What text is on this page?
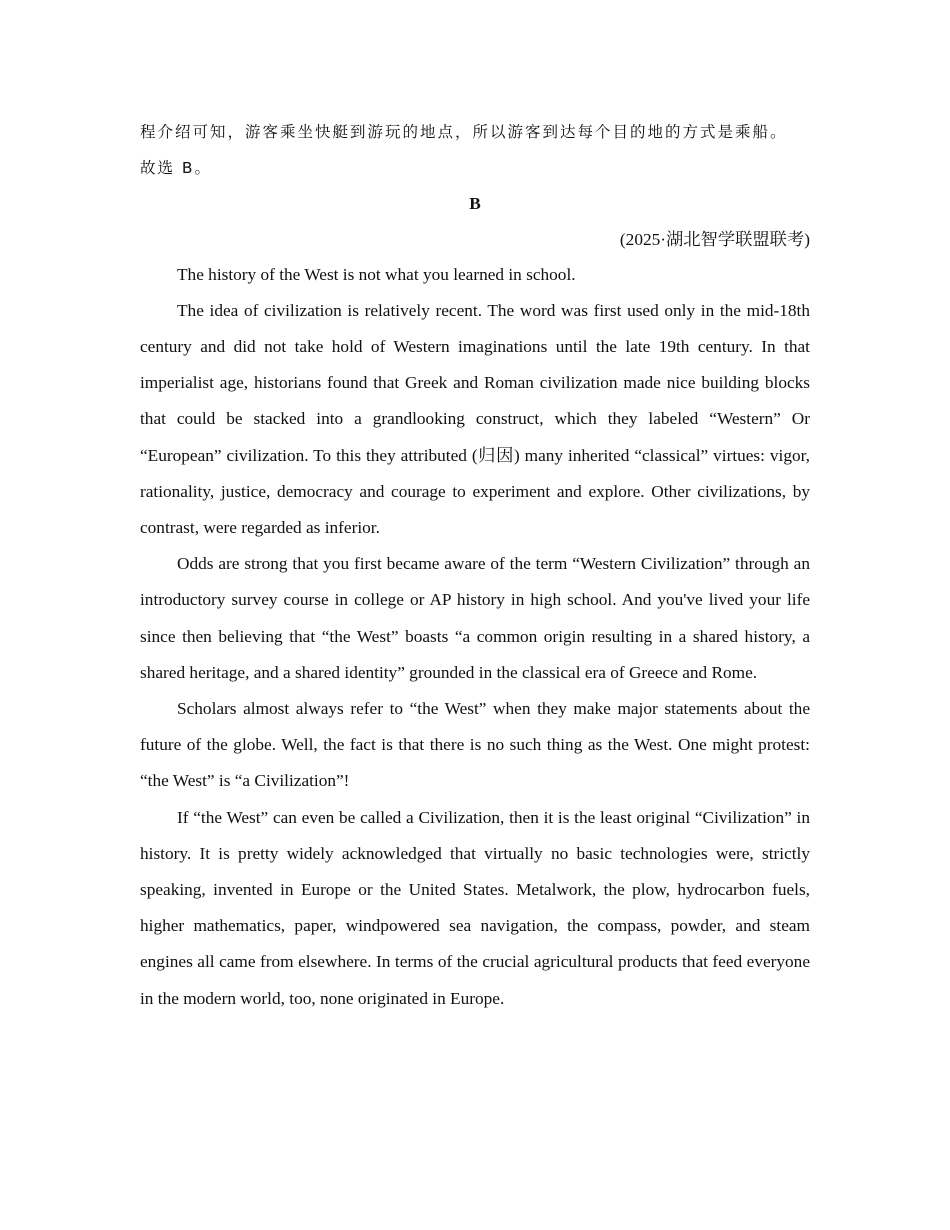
程介绍可知，游客乘坐快艇到游玩的地点，所以游客到达每个目的地的方式是乘船。

故选 B。

B

(2025·湖北智学联盟联考)

The history of the West is not what you learned in school.

The idea of civilization is relatively recent. The word was first used only in the mid-18th century and did not take hold of Western imaginations until the late 19th century. In that imperialist age, historians found that Greek and Roman civilization made nice building blocks that could be stacked into a grandlooking construct, which they labeled “Western” Or “European” civilization. To this they attributed (归因) many inherited “classical” virtues: vigor, rationality, justice, democracy and courage to experiment and explore. Other civilizations, by contrast, were regarded as inferior.

Odds are strong that you first became aware of the term “Western Civilization” through an introductory survey course in college or AP history in high school. And you've lived your life since then believing that “the West” boasts “a common origin resulting in a shared history, a shared heritage, and a shared identity” grounded in the classical era of Greece and Rome.

Scholars almost always refer to “the West” when they make major statements about the future of the globe. Well, the fact is that there is no such thing as the West. One might protest: “the West” is “a Civilization”!

If “the West” can even be called a Civilization, then it is the least original “Civilization” in history. It is pretty widely acknowledged that virtually no basic technologies were, strictly speaking, invented in Europe or the United States. Metalwork, the plow, hydrocarbon fuels, higher mathematics, paper, windpowered sea navigation, the compass, powder, and steam engines all came from elsewhere. In terms of the crucial agricultural products that feed everyone in the modern world, too, none originated in Europe.
